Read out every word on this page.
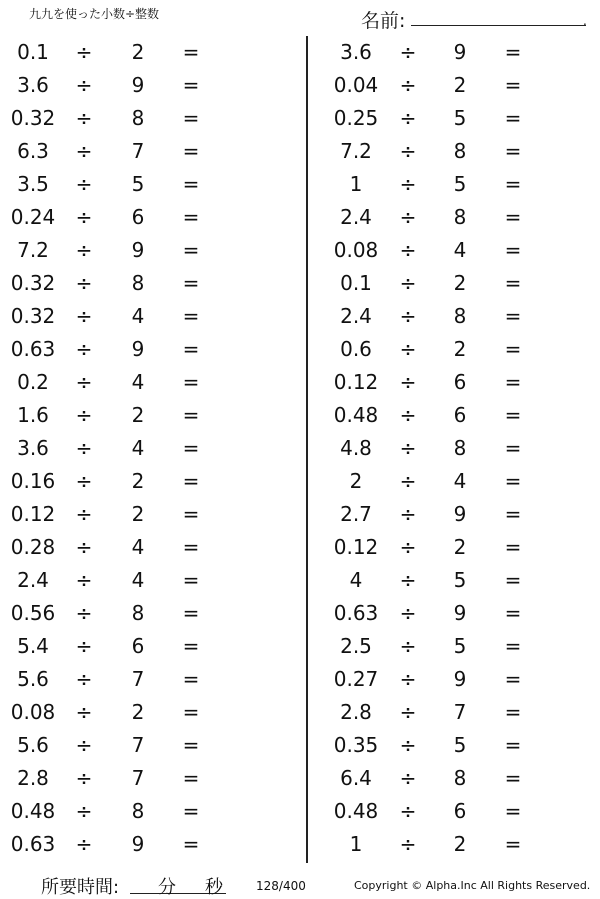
九九を使った小数÷整数	名前:	.
0.1	÷	2	=
3.6	÷	9	=
0.32	÷	8	=
6.3	÷	7	=
3.5	÷	5	=
0.24	÷	6	=
7.2	÷	9	=
0.32	÷	8	=
0.32	÷	4	=
0.63	÷	9	=
0.2	÷	4	=
1.6	÷	2	=
3.6	÷	4	=
0.16	÷	2	=
0.12	÷	2	=
0.28	÷	4	=
2.4	÷	4	=
0.56	÷	8	=
5.4	÷	6	=
5.6	÷	7	=
0.08	÷	2	=
5.6	÷	7	=
2.8	÷	7	=
0.48	÷	8	=
0.63	÷	9	=
3.6	÷	9	=
0.04	÷	2	=
0.25	÷	5	=
7.2	÷	8	=
1	÷	5	=
2.4	÷	8	=
0.08	÷	4	=
0.1	÷	2	=
2.4	÷	8	=
0.6	÷	2	=
0.12	÷	6	=
0.48	÷	6	=
4.8	÷	8	=
2	÷	4	=
2.7	÷	9	=
0.12	÷	2	=
4	÷	5	=
0.63	÷	9	=
2.5	÷	5	=
0.27	÷	9	=
2.8	÷	7	=
0.35	÷	5	=
6.4	÷	8	=
0.48	÷	6	=
1	÷	2	=
所要時間: 分 秒	128/400	Copyright © Alpha.Inc All Rights Reserved.
